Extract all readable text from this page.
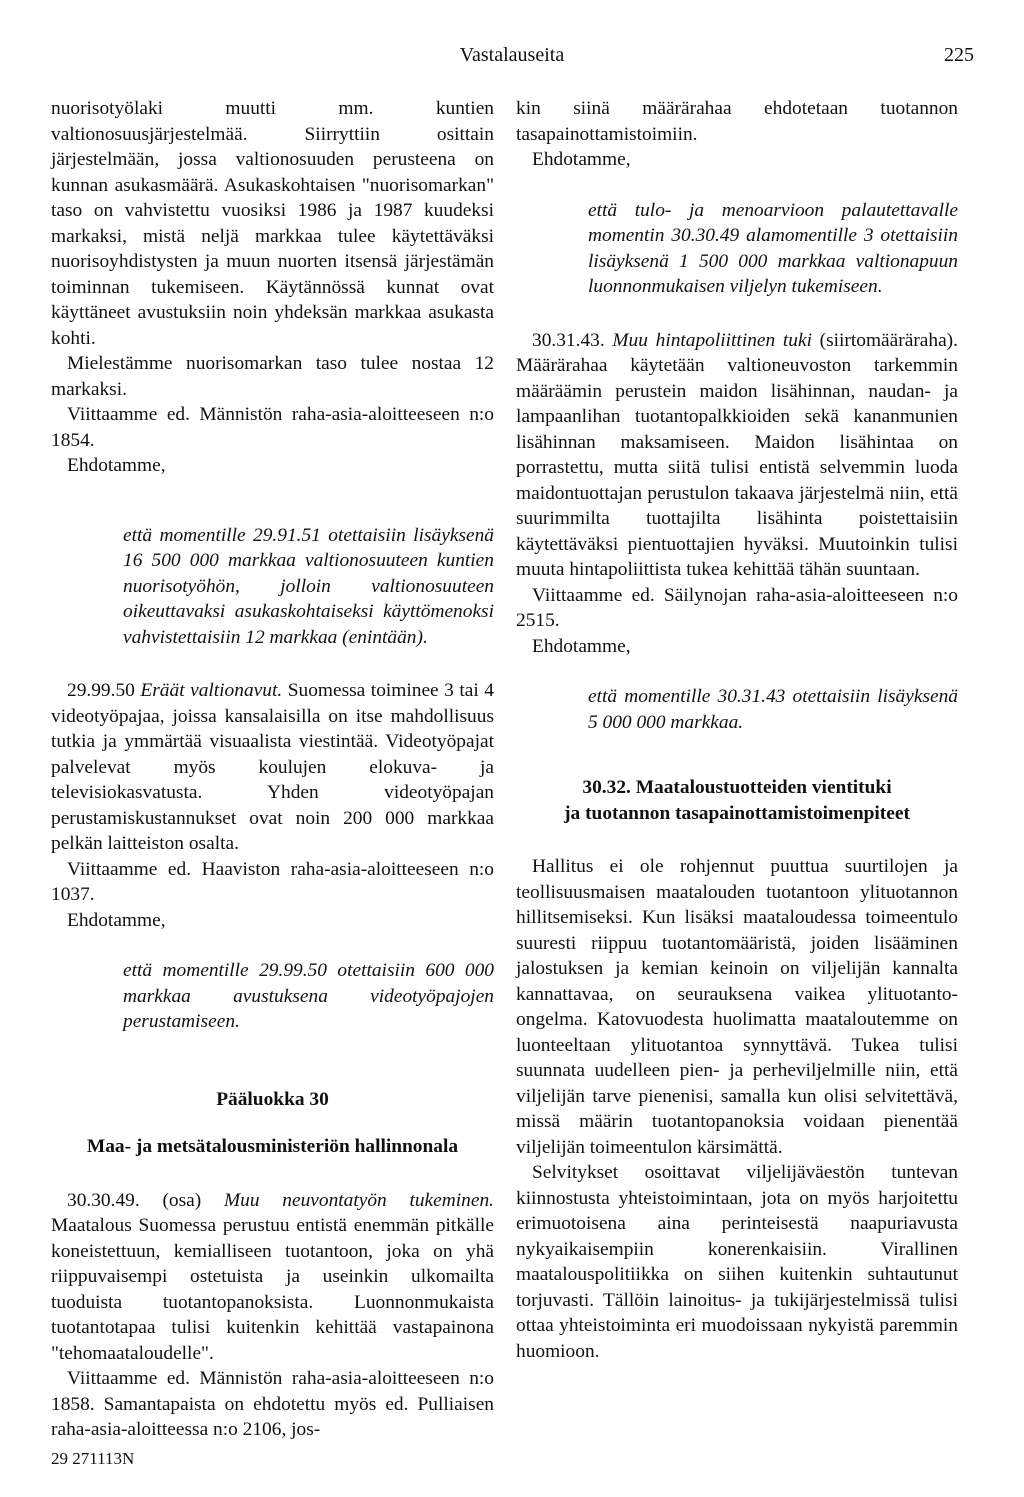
Vastalauseita	225

nuorisotyölaki muutti mm. kuntien valtionosuusjärjestelmää. Siirryttiin osittain järjestelmään, jossa valtionosuuden perusteena on kunnan asukasmäärä. Asukaskohtaisen "nuorisomarkan" taso on vahvistettu vuosiksi 1986 ja 1987 kuudeksi markaksi, mistä neljä markkaa tulee käytettäväksi nuorisoyhdistysten ja muun nuorten itsensä järjestämän toiminnan tukemiseen. Käytännössä kunnat ovat käyttäneet avustuksiin noin yhdeksän markkaa asukasta kohti.

Mielestämme nuorisomarkan taso tulee nostaa 12 markaksi.

Viittaamme ed. Männistön raha-asia-aloitteeseen n:o 1854.

Ehdotamme,

että momentille 29.91.51 otettaisiin lisäyksenä 16 500 000 markkaa valtionosuuteen kuntien nuorisotyöhön, jolloin valtionosuuteen oikeuttavaksi asukaskohtaiseksi käyttömenoksi vahvistettaisiin 12 markkaa (enintään).

29.99.50 Eräät valtionavut. Suomessa toiminee 3 tai 4 videotyöpajaa, joissa kansalaisilla on itse mahdollisuus tutkia ja ymmärtää visuaalista viestintää. Videotyöpajat palvelevat myös koulujen elokuva- ja televisiokasvatusta. Yhden videotyöpajan perustamiskustannukset ovat noin 200 000 markkaa pelkän laitteiston osalta.

Viittaamme ed. Haaviston raha-asia-aloitteeseen n:o 1037.

Ehdotamme,

että momentille 29.99.50 otettaisiin 600 000 markkaa avustuksena videotyöpajojen perustamiseen.

Pääluokka 30

Maa- ja metsätalousministeriön hallinnonala

30.30.49. (osa) Muu neuvontatyön tukeminen. Maatalous Suomessa perustuu entistä enemmän pitkälle koneistettuun, kemialliseen tuotantoon, joka on yhä riippuvaisempi ostetuista ja useinkin ulkomailta tuoduista tuotantopanoksista. Luonnonmukaista tuotantotapaa tulisi kuitenkin kehittää vastapainona "tehomaataloudelle".

Viittaamme ed. Männistön raha-asia-aloitteeseen n:o 1858. Samantapaista on ehdotettu myös ed. Pulliaisen raha-asia-aloitteessa n:o 2106, jos-

kin siinä määrärahaa ehdotetaan tuotannon tasapainottamistoimiin.

Ehdotamme,

että tulo- ja menoarvioon palautettavalle momentin 30.30.49 alamomentille 3 otettaisiin lisäyksenä 1 500 000 markkaa valtionapuun luonnonmukaisen viljelyn tukemiseen.

30.31.43. Muu hintapoliittinen tuki (siirtomääräraha). Määrärahaa käytetään valtioneuvoston tarkemmin määräämin perustein maidon lisähinnan, naudan- ja lampaanlihan tuotantopalkkioiden sekä kananmunien lisähinnan maksamiseen. Maidon lisähintaa on porrastettu, mutta siitä tulisi entistä selvemmin luoda maidontuottajan perustulon takaava järjestelmä niin, että suurimmilta tuottajilta lisähinta poistettaisiin käytettäväksi pientuottajien hyväksi. Muutoinkin tulisi muuta hintapoliittista tukea kehittää tähän suuntaan.

Viittaamme ed. Säilynojan raha-asia-aloitteeseen n:o 2515.

Ehdotamme,

että momentille 30.31.43 otettaisiin lisäyksenä 5 000 000 markkaa.

30.32. Maataloustuotteiden vientituki

ja tuotannon tasapainottamistoimenpiteet

Hallitus ei ole rohjennut puuttua suurtilojen ja teollisuusmaisen maatalouden tuotantoon ylituotannon hillitsemiseksi. Kun lisäksi maataloudessa toimeentulo suuresti riippuu tuotantomääristä, joiden lisääminen jalostuksen ja kemian keinoin on viljelijän kannalta kannattavaa, on seurauksena vaikea ylituotanto-ongelma. Katovuodesta huolimatta maataloutemme on luonteeltaan ylituotantoa synnyttävä. Tukea tulisi suunnata uudelleen pien- ja perheviljelmille niin, että viljelijän tarve pienenisi, samalla kun olisi selvitettävä, missä määrin tuotantopanoksia voidaan pienentää viljelijän toimeentulon kärsimättä.

Selvitykset osoittavat viljelijäväestön tuntevan kiinnostusta yhteistoimintaan, jota on myös harjoitettu erimuotoisena aina perinteisestä naapuriavusta nykyaikaisempiin konerenkaisiin. Virallinen maatalouspolitiikka on siihen kuitenkin suhtautunut torjuvasti. Tällöin lainoitus- ja tukijärjestelmissä tulisi ottaa yhteistoiminta eri muodoissaan nykyistä paremmin huomioon.

29 271113N
